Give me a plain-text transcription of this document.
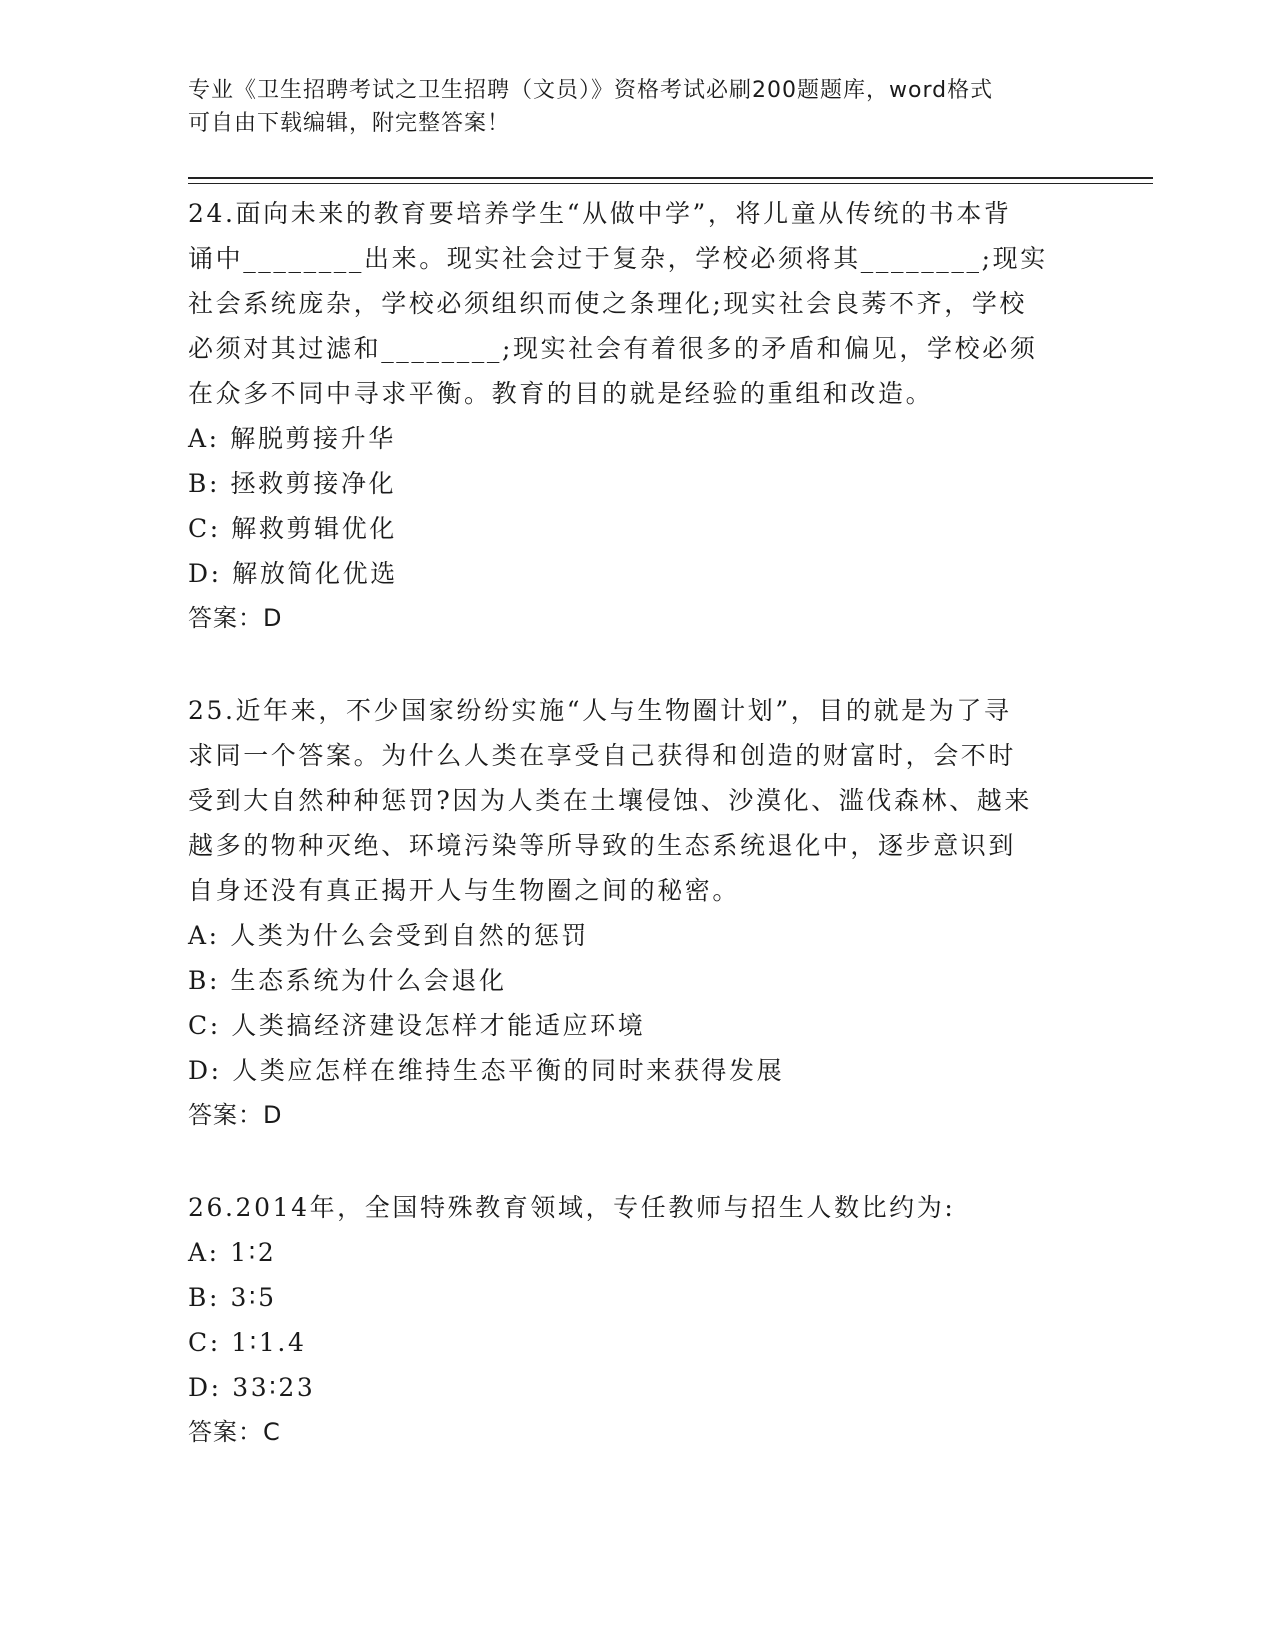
专业《卫生招聘考试之卫生招聘（文员）》资格考试必刷200题题库，word格式
可自由下载编辑，附完整答案！

24.面向未来的教育要培养学生“从做中学”，将儿童从传统的书本背

诵中________出来。现实社会过于复杂，学校必须将其________;现实

社会系统庞杂，学校必须组织而使之条理化;现实社会良莠不齐，学校

必须对其过滤和________;现实社会有着很多的矛盾和偏见，学校必须

在众多不同中寻求平衡。教育的目的就是经验的重组和改造。

A: 解脱剪接升华

B: 拯救剪接净化

C: 解救剪辑优化

D: 解放简化优选

答案：D

25.近年来，不少国家纷纷实施“人与生物圈计划”，目的就是为了寻

求同一个答案。为什么人类在享受自己获得和创造的财富时，会不时

受到大自然种种惩罚?因为人类在土壤侵蚀、沙漠化、滥伐森林、越来

越多的物种灭绝、环境污染等所导致的生态系统退化中，逐步意识到

自身还没有真正揭开人与生物圈之间的秘密。

A: 人类为什么会受到自然的惩罚

B: 生态系统为什么会退化

C: 人类搞经济建设怎样才能适应环境

D: 人类应怎样在维持生态平衡的同时来获得发展

答案：D

26.2014年，全国特殊教育领域，专任教师与招生人数比约为:

A: 1∶2

B: 3∶5

C: 1∶1.4

D: 33∶23

答案：C
